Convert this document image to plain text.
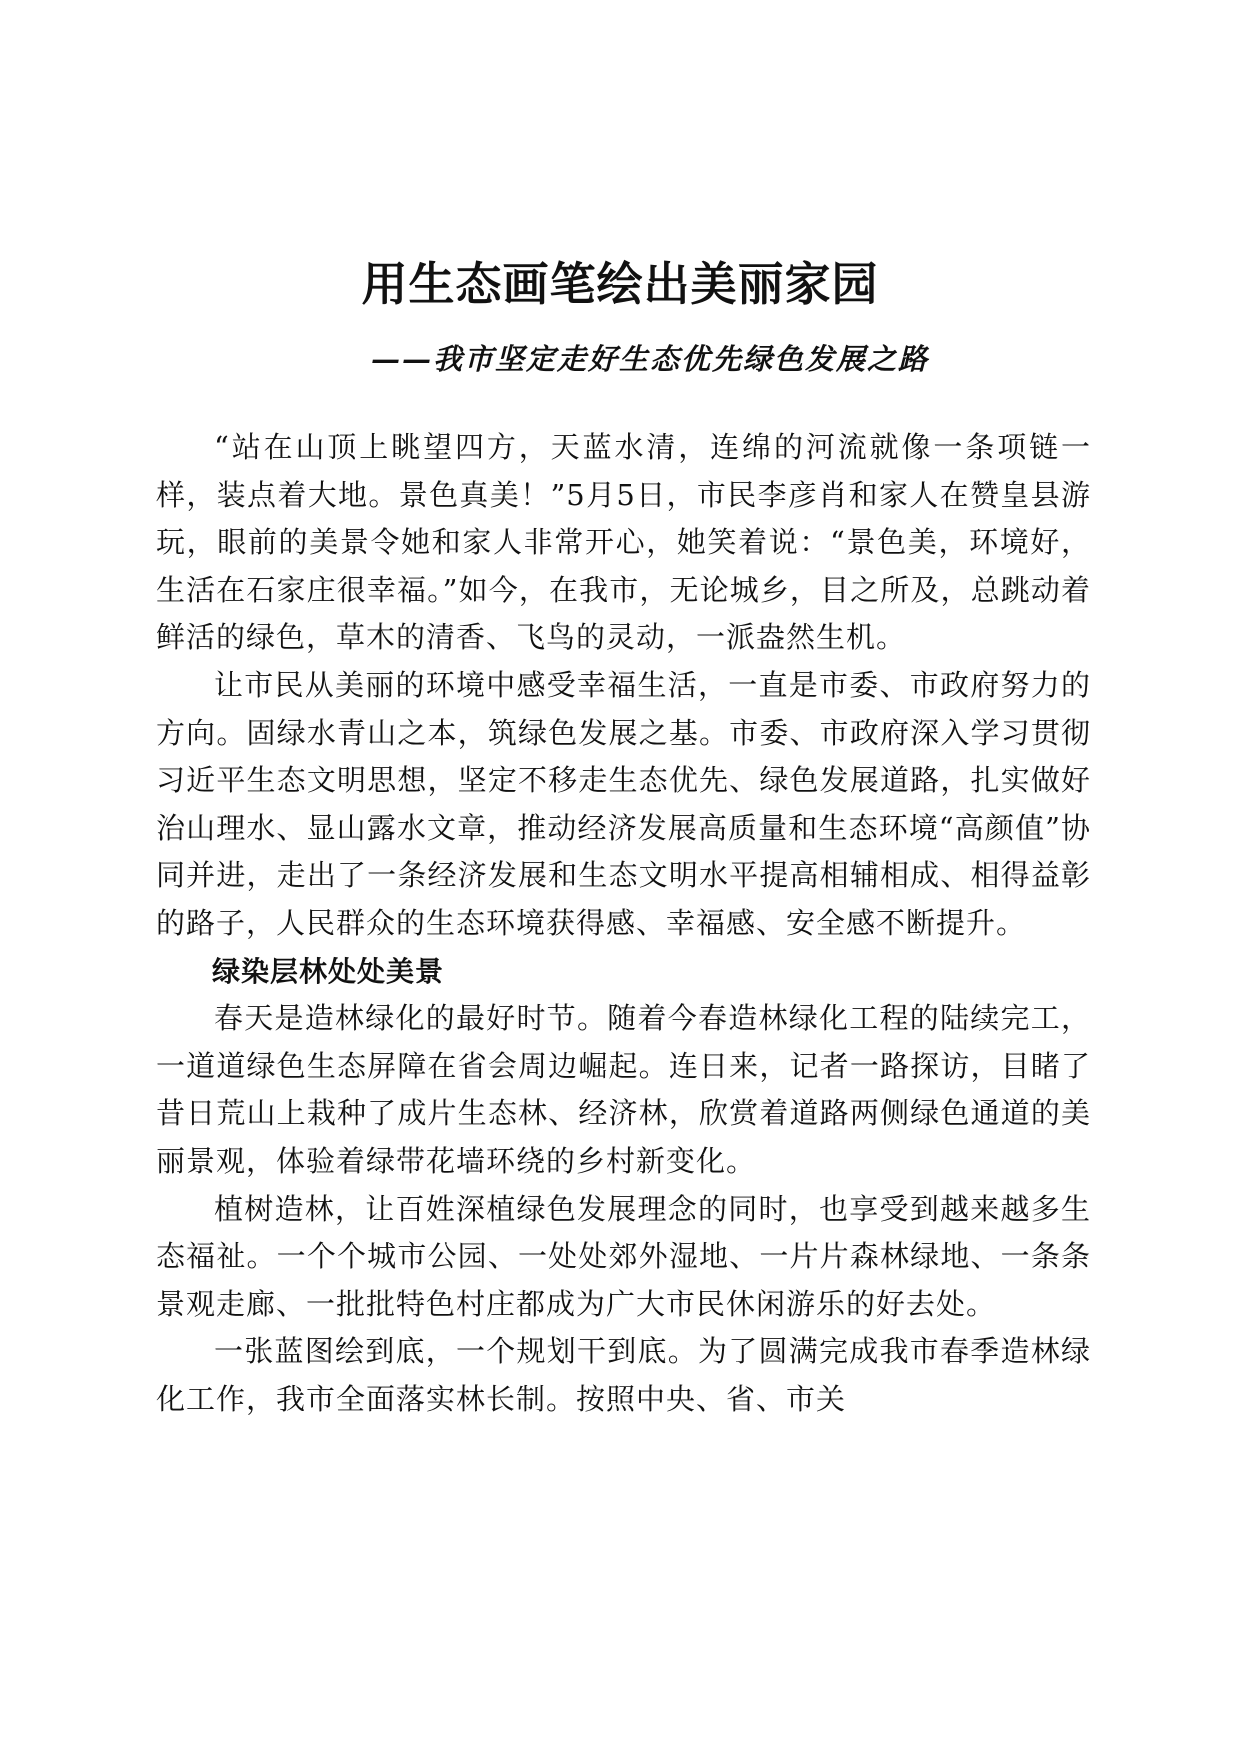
用生态画笔绘出美丽家园
——我市坚定走好生态优先绿色发展之路

“站在山顶上眺望四方，天蓝水清，连绵的河流就像一条项链一样，装点着大地。景色真美！”5月5日，市民李彦肖和家人在赞皇县游玩，眼前的美景令她和家人非常开心，她笑着说：“景色美，环境好，生活在石家庄很幸福。”如今，在我市，无论城乡，目之所及，总跳动着鲜活的绿色，草木的清香、飞鸟的灵动，一派盎然生机。

让市民从美丽的环境中感受幸福生活，一直是市委、市政府努力的方向。固绿水青山之本，筑绿色发展之基。市委、市政府深入学习贯彻习近平生态文明思想，坚定不移走生态优先、绿色发展道路，扎实做好治山理水、显山露水文章，推动经济发展高质量和生态环境“高颜值”协同并进，走出了一条经济发展和生态文明水平提高相辅相成、相得益彰的路子，人民群众的生态环境获得感、幸福感、安全感不断提升。

绿染层林处处美景

春天是造林绿化的最好时节。随着今春造林绿化工程的陆续完工，一道道绿色生态屏障在省会周边崛起。连日来，记者一路探访，目睹了昔日荒山上栽种了成片生态林、经济林，欣赏着道路两侧绿色通道的美丽景观，体验着绿带花墙环绕的乡村新变化。

植树造林，让百姓深植绿色发展理念的同时，也享受到越来越多生态福祉。一个个城市公园、一处处郊外湿地、一片片森林绿地、一条条景观走廊、一批批特色村庄都成为广大市民休闲游乐的好去处。

一张蓝图绘到底，一个规划干到底。为了圆满完成我市春季造林绿化工作，我市全面落实林长制。按照中央、省、市关
